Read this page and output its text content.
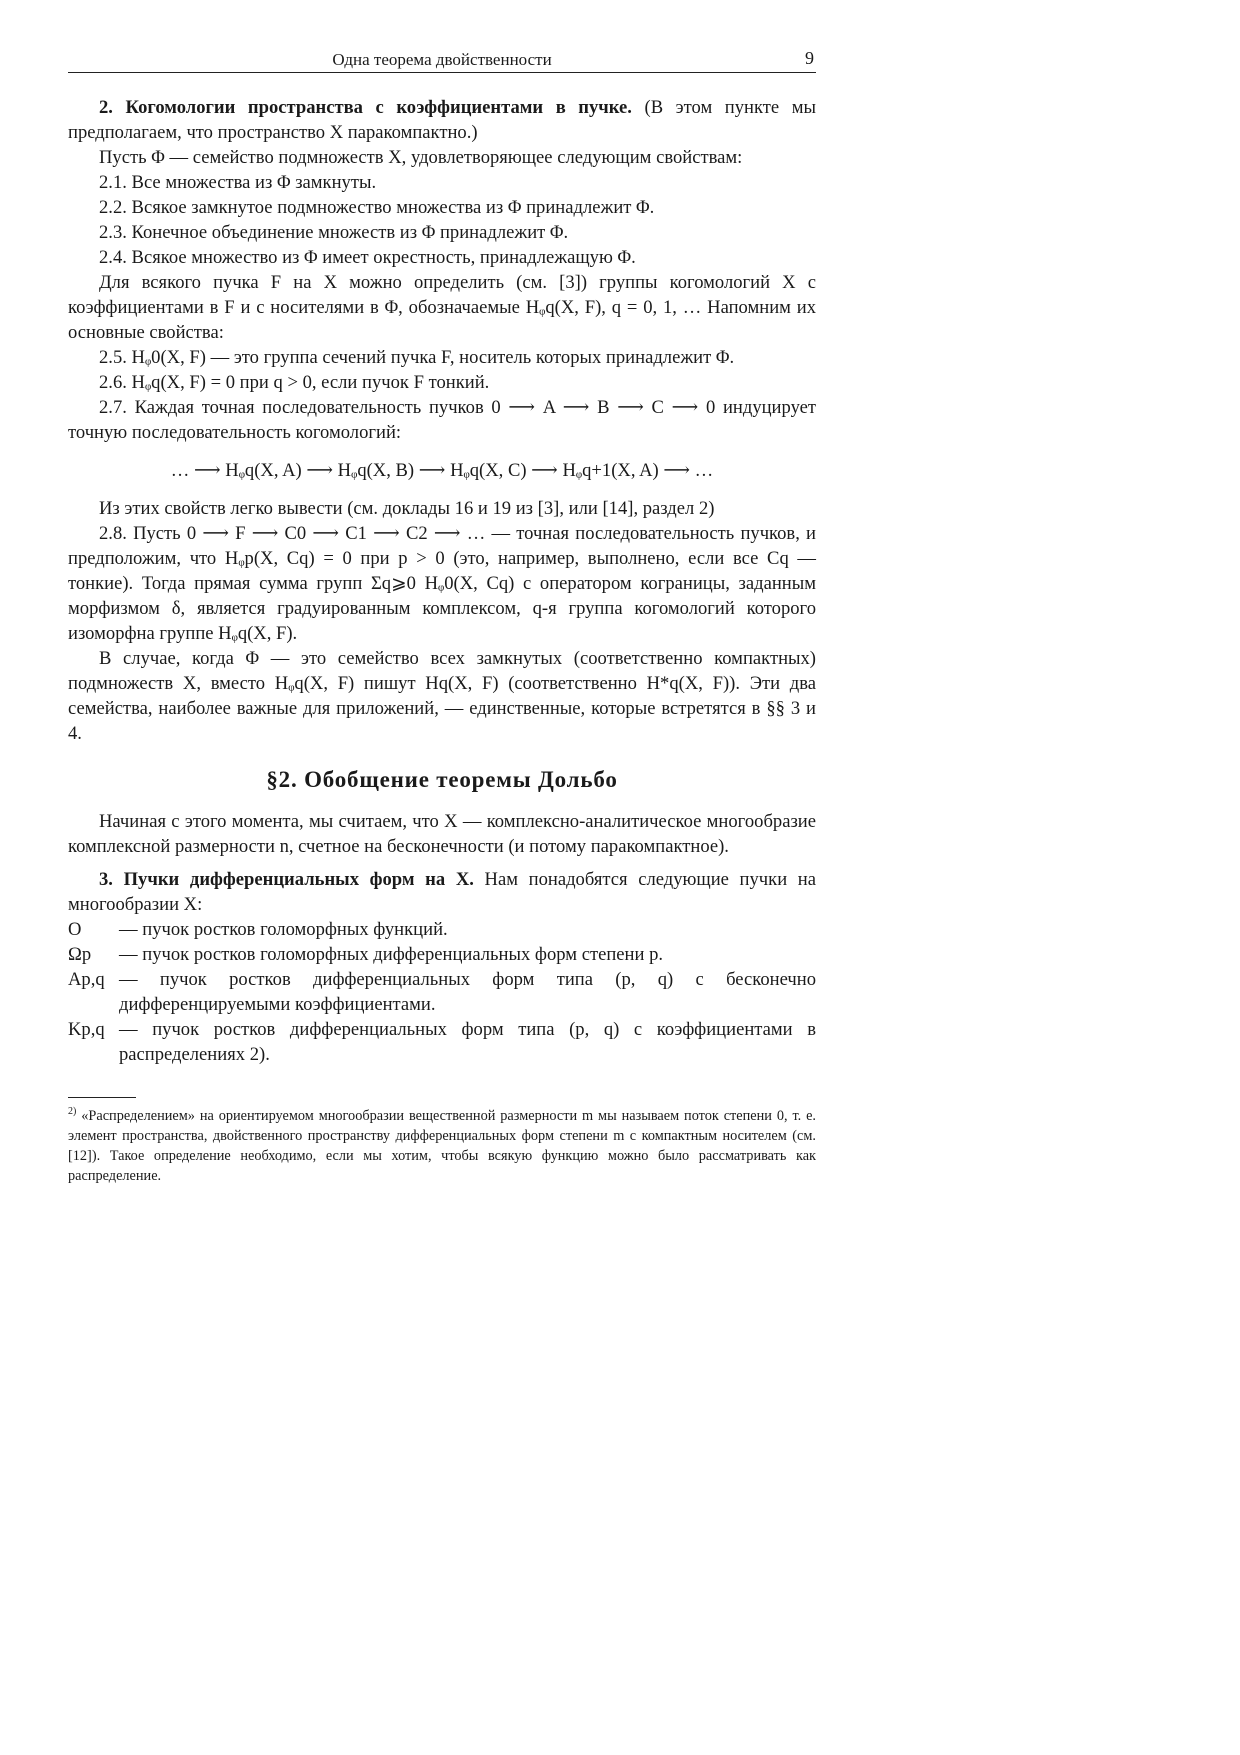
Одна теорема двойственности	9

2. Когомологии пространства с коэффициентами в пучке. (В этом пункте мы предполагаем, что пространство X паракомпактно.)

Пусть Φ — семейство подмножеств X, удовлетворяющее следующим свойствам:

2.1. Все множества из Φ замкнуты.

2.2. Всякое замкнутое подмножество множества из Φ принадлежит Φ.

2.3. Конечное объединение множеств из Φ принадлежит Φ.

2.4. Всякое множество из Φ имеет окрестность, принадлежащую Φ.

Для всякого пучка F на X можно определить (см. [3]) группы когомологий X с коэффициентами в F и с носителями в Φ, обозначаемые Hᵩq(X, F), q = 0, 1, … Напомним их основные свойства:

2.5. Hᵩ0(X, F) — это группа сечений пучка F, носитель которых принадлежит Φ.

2.6. Hᵩq(X, F) = 0 при q > 0, если пучок F тонкий.

2.7. Каждая точная последовательность пучков 0 ⟶ A ⟶ B ⟶ C ⟶ 0 индуцирует точную последовательность когомологий:

… ⟶ Hᵩq(X, A) ⟶ Hᵩq(X, B) ⟶ Hᵩq(X, C) ⟶ Hᵩq+1(X, A) ⟶ …

Из этих свойств легко вывести (см. доклады 16 и 19 из [3], или [14], раздел 2)

2.8. Пусть 0 ⟶ F ⟶ C0 ⟶ C1 ⟶ C2 ⟶ … — точная последовательность пучков, и предположим, что Hᵩp(X, Cq) = 0 при p > 0 (это, например, выполнено, если все Cq — тонкие). Тогда прямая сумма групп Σq⩾0 Hᵩ0(X, Cq) с оператором кограницы, заданным морфизмом δ, является градуированным комплексом, q-я группа когомологий которого изоморфна группе Hᵩq(X, F).

В случае, когда Φ — это семейство всех замкнутых (соответственно компактных) подмножеств X, вместо Hᵩq(X, F) пишут Hq(X, F) (соответственно H*q(X, F)). Эти два семейства, наиболее важные для приложений, — единственные, которые встретятся в §§ 3 и 4.

§2. Обобщение теоремы Дольбо

Начиная с этого момента, мы считаем, что X — комплексно-аналитическое многообразие комплексной размерности n, счетное на бесконечности (и потому паракомпактное).

3. Пучки дифференциальных форм на X. Нам понадобятся следующие пучки на многообразии X:

O	— пучок ростков голоморфных функций.
Ωp	— пучок ростков голоморфных дифференциальных форм степени p.
Ap,q — пучок ростков дифференциальных форм типа (p, q) с бесконечно дифференцируемыми коэффициентами.
Kp,q — пучок ростков дифференциальных форм типа (p, q) с коэффициентами в распределениях 2).
$^{2)}$ «Распределением» на ориентируемом многообразии вещественной размерности m мы называем поток степени 0, т. е. элемент пространства, двойственного пространству дифференциальных форм степени m с компактным носителем (см. [12]). Такое определение необходимо, если мы хотим, чтобы всякую функцию можно было рассматривать как распределение.
